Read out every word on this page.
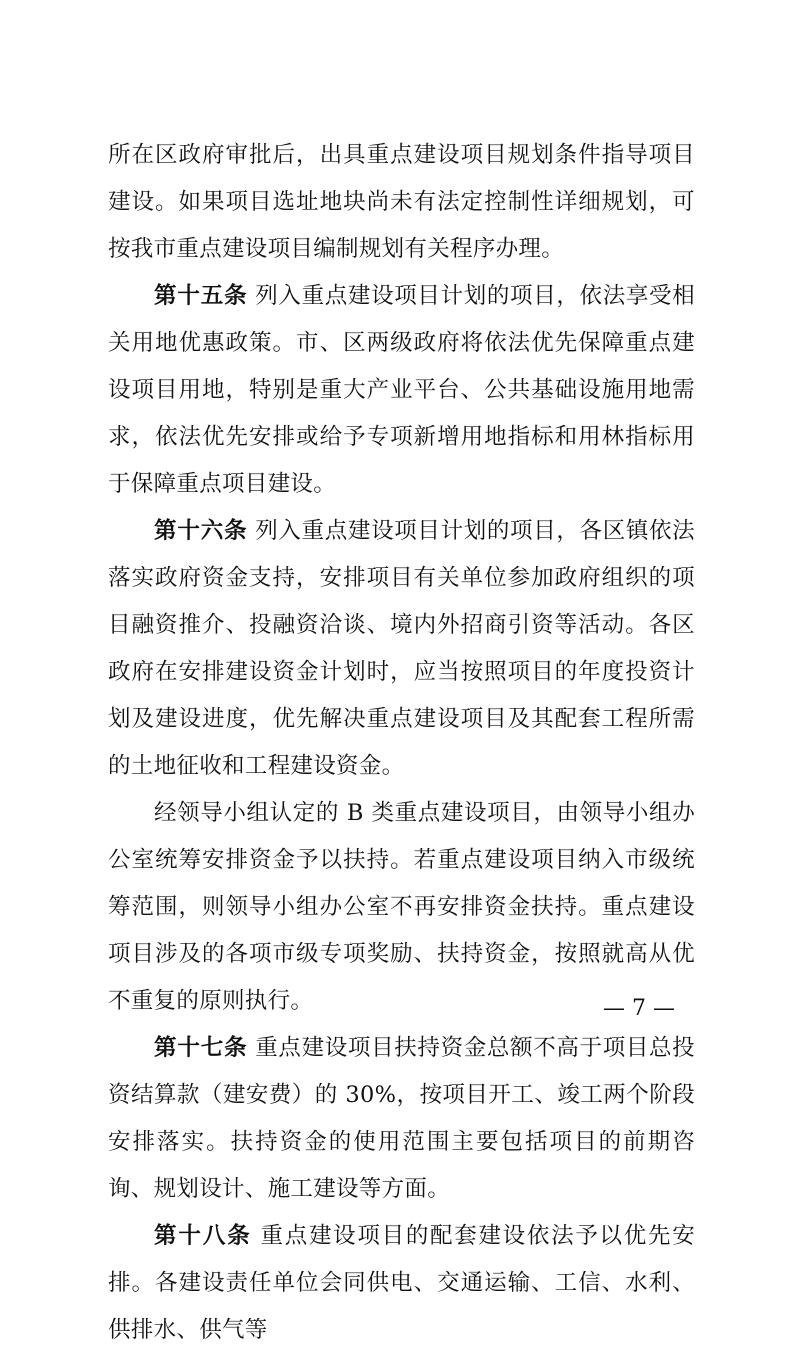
所在区政府审批后，出具重点建设项目规划条件指导项目建设。如果项目选址地块尚未有法定控制性详细规划，可按我市重点建设项目编制规划有关程序办理。

第十五条 列入重点建设项目计划的项目，依法享受相关用地优惠政策。市、区两级政府将依法优先保障重点建设项目用地，特别是重大产业平台、公共基础设施用地需求，依法优先安排或给予专项新增用地指标和用林指标用于保障重点项目建设。

第十六条 列入重点建设项目计划的项目，各区镇依法落实政府资金支持，安排项目有关单位参加政府组织的项目融资推介、投融资洽谈、境内外招商引资等活动。各区政府在安排建设资金计划时，应当按照项目的年度投资计划及建设进度，优先解决重点建设项目及其配套工程所需的土地征收和工程建设资金。

经领导小组认定的 B 类重点建设项目，由领导小组办公室统筹安排资金予以扶持。若重点建设项目纳入市级统筹范围，则领导小组办公室不再安排资金扶持。重点建设项目涉及的各项市级专项奖励、扶持资金，按照就高从优不重复的原则执行。

第十七条 重点建设项目扶持资金总额不高于项目总投资结算款（建安费）的 30%，按项目开工、竣工两个阶段安排落实。扶持资金的使用范围主要包括项目的前期咨询、规划设计、施工建设等方面。

第十八条 重点建设项目的配套建设依法予以优先安排。各建设责任单位会同供电、交通运输、工信、水利、供排水、供气等

— 7 —
